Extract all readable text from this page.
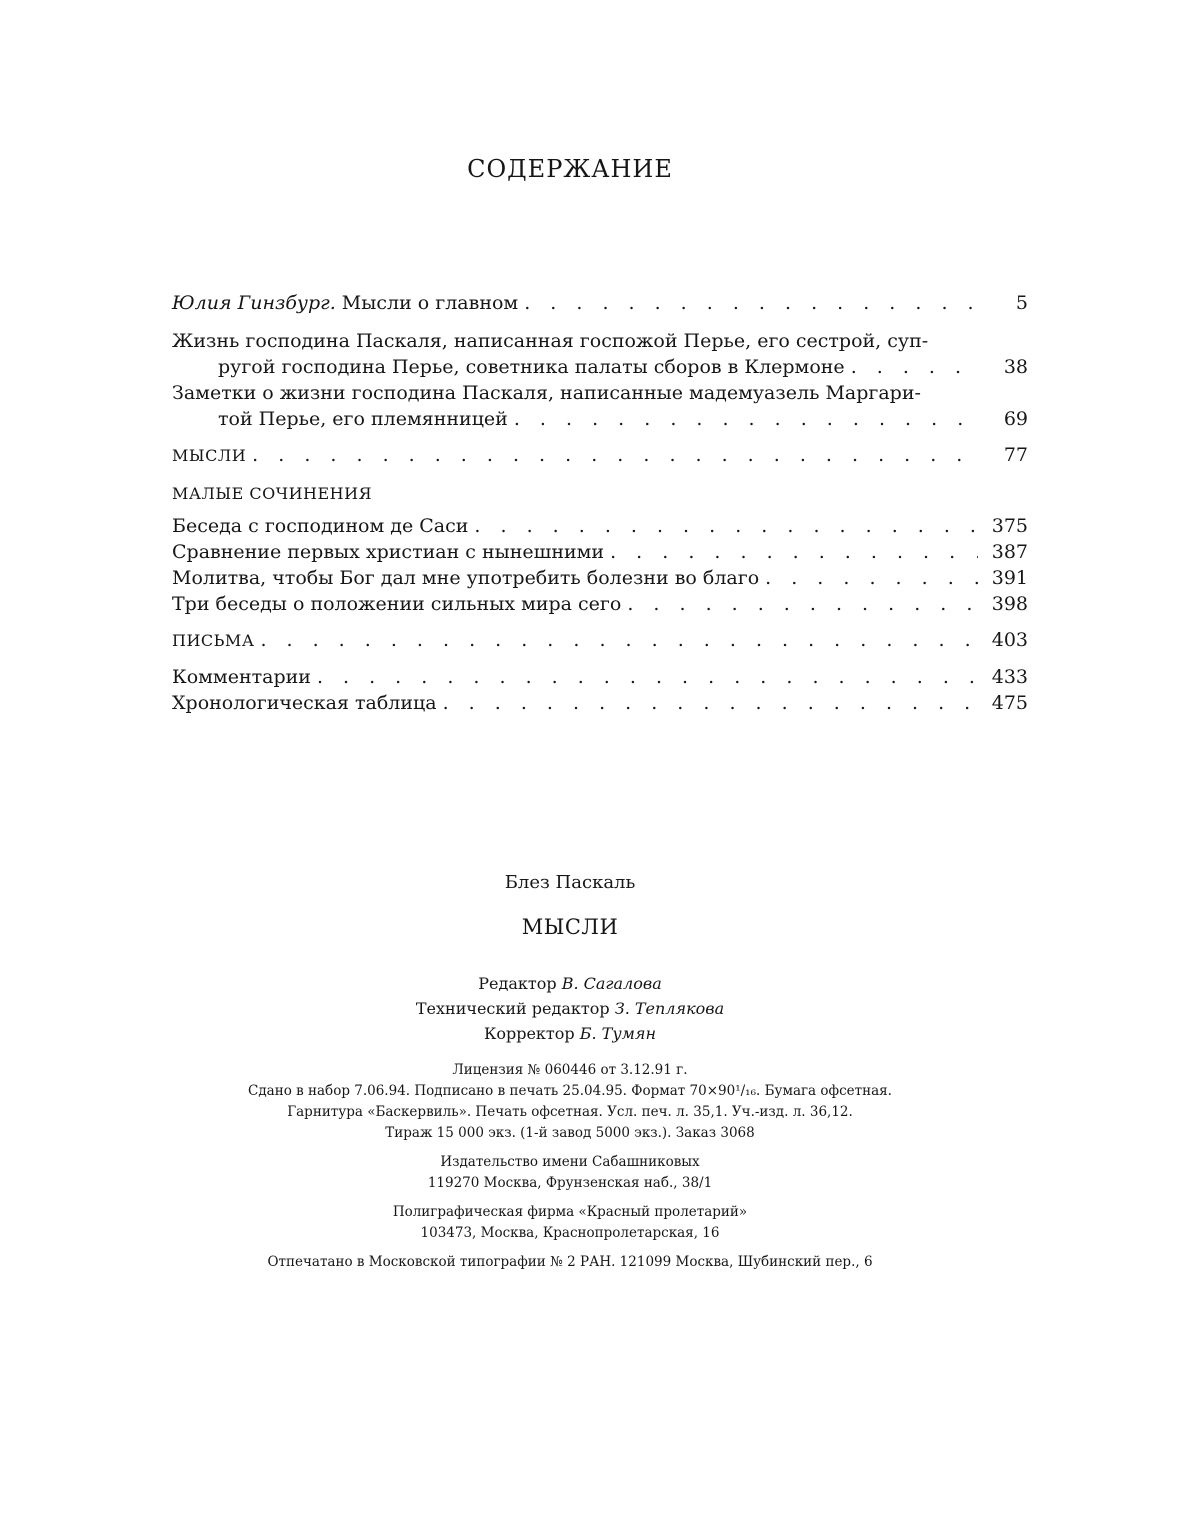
СОДЕРЖАНИЕ
Юлия Гинзбург. Мысли о главном . . .	5
Жизнь господина Паскаля, написанная госпожой Перье, его сестрой, суп-
ругой господина Перье, советника палаты сборов в Клермоне . . .	38
Заметки о жизни господина Паскаля, написанные мадемуазель Маргари-
той Перье, его племянницей . . .	69
МЫСЛИ . . .	77
МАЛЫЕ СОЧИНЕНИЯ
Беседа с господином де Саси . . .	375
Сравнение первых христиан с нынешними . . .	387
Молитва, чтобы Бог дал мне употребить болезни во благо . . .	391
Три беседы о положении сильных мира сего . . .	398
ПИСЬМА . . .	403
Комментарии . . .	433
Хронологическая таблица . . .	475
Блез Паскаль
МЫСЛИ
Редактор В. Сагалова
Технический редактор З. Теплякова
Корректор Б. Тумян
Лицензия № 060446 от 3.12.91 г.
Сдано в набор 7.06.94. Подписано в печать 25.04.95. Формат 70×90¹/₁₆. Бумага офсетная.
Гарнитура «Баскервиль». Печать офсетная. Усл. печ. л. 35,1. Уч.-изд. л. 36,12.
Тираж 15 000 экз. (1-й завод 5000 экз.). Заказ 3068
Издательство имени Сабашниковых
119270 Москва, Фрунзенская наб., 38/1
Полиграфическая фирма «Красный пролетарий»
103473, Москва, Краснопролетарская, 16
Отпечатано в Московской типографии № 2 РАН. 121099 Москва, Шубинский пер., 6
